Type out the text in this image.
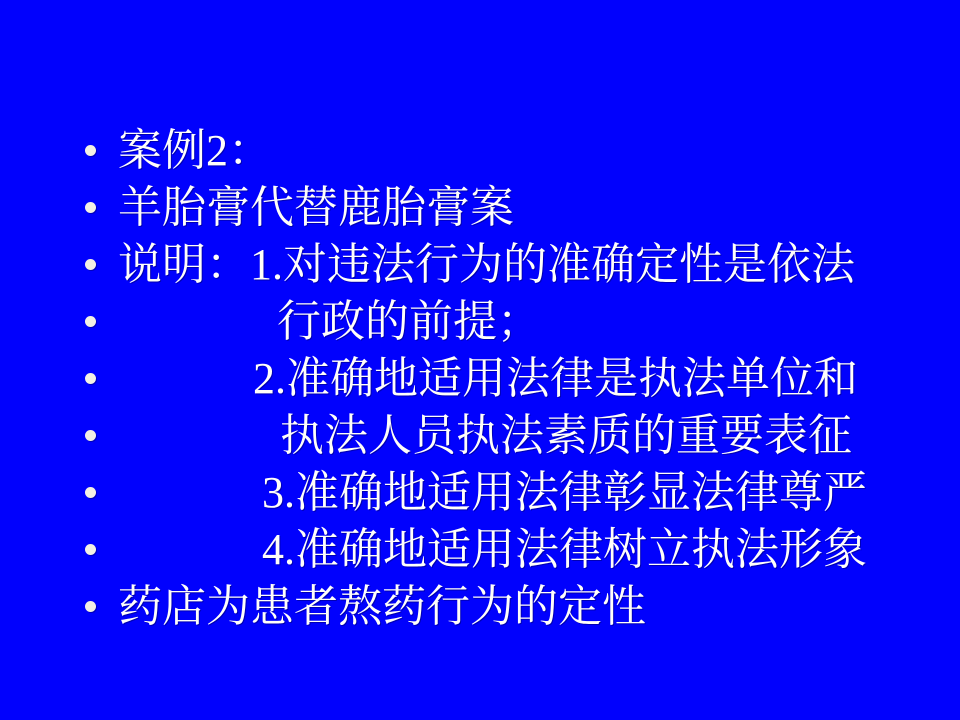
案例2：
羊胎膏代替鹿胎膏案
说明：1.对违法行为的准确定性是依法
行政的前提；
2.准确地适用法律是执法单位和
执法人员执法素质的重要表征
3.准确地适用法律彰显法律尊严
4.准确地适用法律树立执法形象
药店为患者熬药行为的定性
